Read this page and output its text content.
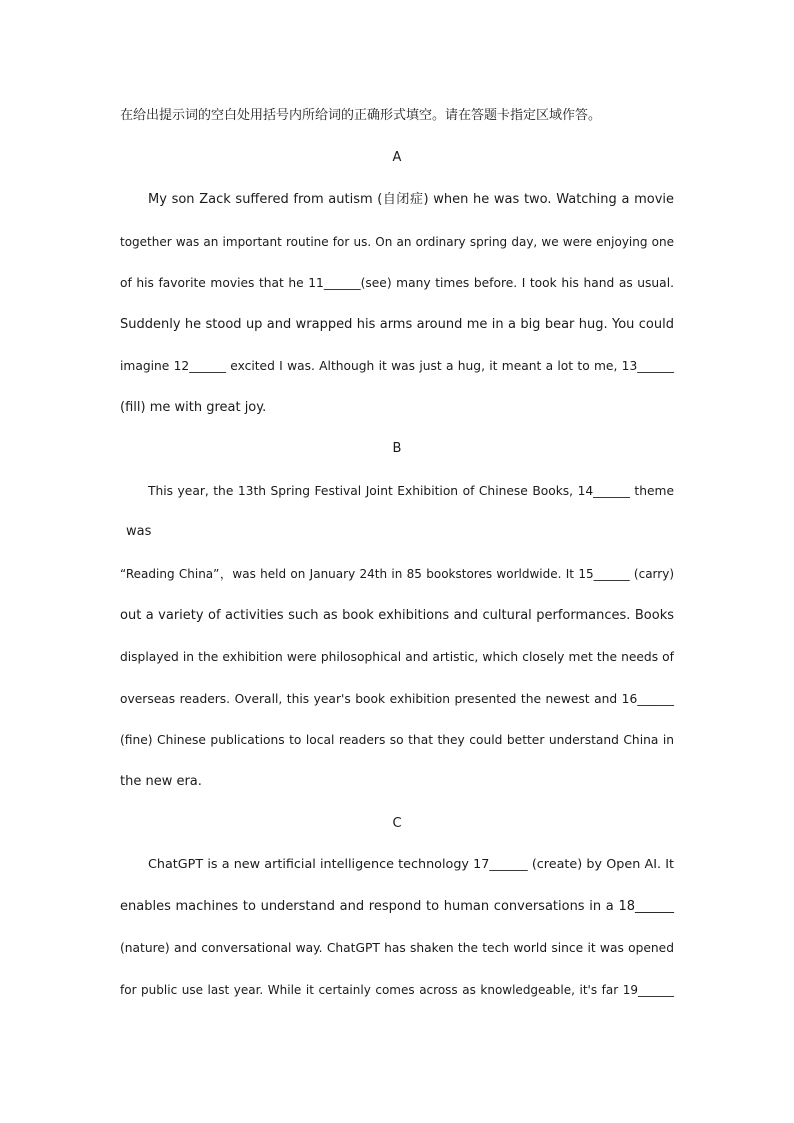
在给出提示词的空白处用括号内所给词的正确形式填空。请在答题卡指定区域作答。
A
My son Zack suffered from autism (自闭症) when he was two. Watching a movie
together was an important routine for us. On an ordinary spring day, we were enjoying one
of his favorite movies that he 11______(see) many times before. I took his hand as usual.
Suddenly he stood up and wrapped his arms around me in a big bear hug. You could
imagine 12______ excited I was. Although it was just a hug, it meant a lot to me, 13______
(fill) me with great joy.
B
This year, the 13th Spring Festival Joint Exhibition of Chinese Books, 14______ theme
was
“Reading China”，was held on January 24th in 85 bookstores worldwide. It 15______ (carry)
out a variety of activities such as book exhibitions and cultural performances. Books
displayed in the exhibition were philosophical and artistic, which closely met the needs of
overseas readers. Overall, this year's book exhibition presented the newest and 16______
(fine) Chinese publications to local readers so that they could better understand China in
the new era.
C
ChatGPT is a new artificial intelligence technology 17______ (create) by Open AI. It
enables machines to understand and respond to human conversations in a 18______
(nature) and conversational way. ChatGPT has shaken the tech world since it was opened
for public use last year. While it certainly comes across as knowledgeable, it's far 19______
